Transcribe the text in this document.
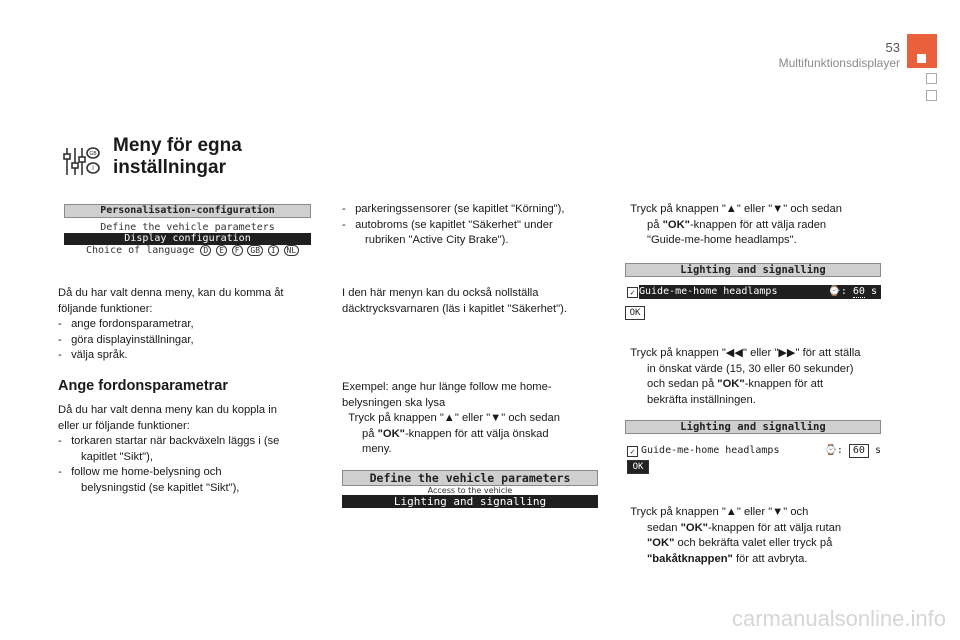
53
Multifunktionsdisplayer
GB
I
Meny för egna
inställningar
Personalisation-configuration
Define the vehicle parameters
Display configuration
Choice of language D E F GB I NL

Då du har valt denna meny, kan du komma åt

följande funktioner:

- ange fordonsparametrar,

- göra displayinställningar,

- välja språk.

Ange fordonsparametrar

Då du har valt denna meny kan du koppla in

eller ur följande funktioner:

- torkaren startar när backväxeln läggs i (se

kapitlet "Sikt"),

- follow me home-belysning och

belysningstid (se kapitlet "Sikt"),

- parkeringssensorer (se kapitlet "Körning"),

- autobroms (se kapitlet "Säkerhet" under

rubriken "Active City Brake").

I den här menyn kan du också nollställa

däcktrycksvarnaren (läs i kapitlet "Säkerhet").

Exempel: ange hur länge follow me home-

belysningen ska lysa

Tryck på knappen "▲" eller "▼" och sedan

på "OK"-knappen för att välja önskad

meny.

Define the vehicle parameters
Access to the vehicle
Lighting and signalling

Tryck på knappen "▲" eller "▼" och sedan

på "OK"-knappen för att välja raden

"Guide-me-home headlamps".

Lighting and signalling
✓ Guide-me-home headlamps	⌚: 60 s
OK

Tryck på knappen "◀◀" eller "▶▶" för att ställa

in önskat värde (15, 30 eller 60 sekunder)

och sedan på "OK"-knappen för att

bekräfta inställningen.

Lighting and signalling
✓ Guide-me-home headlamps	⌚: 60 s
OK

Tryck på knappen "▲" eller "▼" och

sedan "OK"-knappen för att välja rutan

"OK" och bekräfta valet eller tryck på

"bakåtknappen" för att avbryta.

carmanualsonline.info
